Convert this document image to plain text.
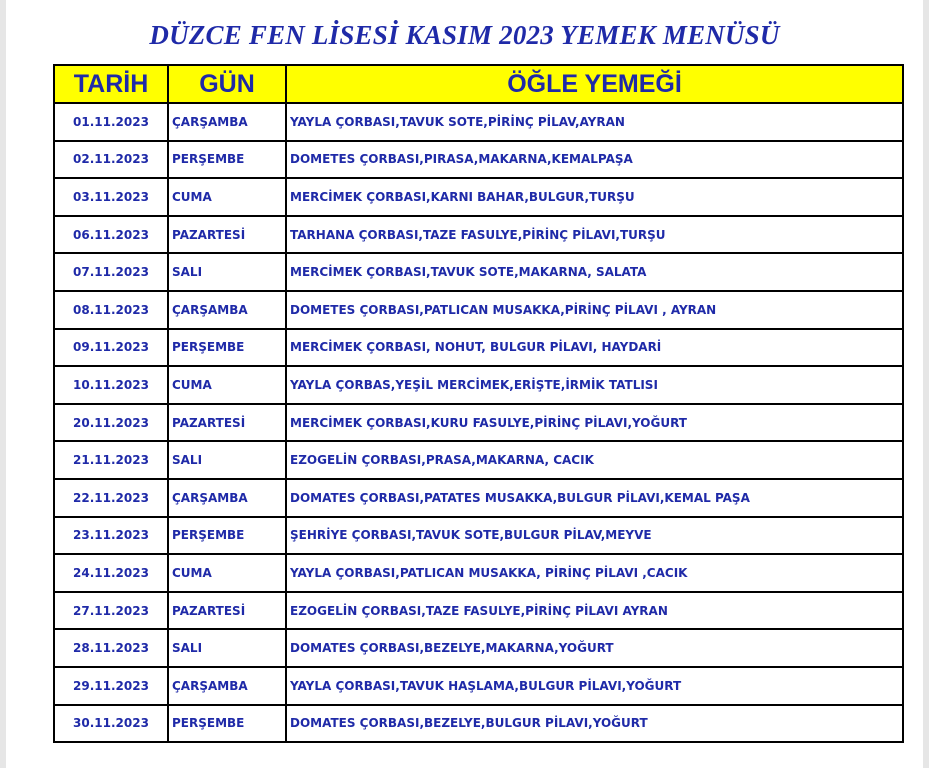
DÜZCE FEN LİSESİ KASIM 2023 YEMEK MENÜSÜ
TARİH	GÜN	ÖĞLE YEMEĞİ
01.11.2023	ÇARŞAMBA	YAYLA ÇORBASI,TAVUK SOTE,PİRİNÇ PİLAV,AYRAN
02.11.2023	PERŞEMBE	DOMETES ÇORBASI,PIRASA,MAKARNA,KEMALPAŞA
03.11.2023	CUMA	MERCİMEK ÇORBASI,KARNI BAHAR,BULGUR,TURŞU
06.11.2023	PAZARTESİ	TARHANA ÇORBASI,TAZE FASULYE,PİRİNÇ PİLAVI,TURŞU
07.11.2023	SALI	MERCİMEK ÇORBASI,TAVUK SOTE,MAKARNA, SALATA
08.11.2023	ÇARŞAMBA	DOMETES ÇORBASI,PATLICAN MUSAKKA,PİRİNÇ PİLAVI , AYRAN
09.11.2023	PERŞEMBE	MERCİMEK ÇORBASI, NOHUT, BULGUR PİLAVI, HAYDARİ
10.11.2023	CUMA	YAYLA ÇORBAS,YEŞİL MERCİMEK,ERİŞTE,İRMİK TATLISI
20.11.2023	PAZARTESİ	MERCİMEK ÇORBASI,KURU FASULYE,PİRİNÇ PİLAVI,YOĞURT
21.11.2023	SALI	EZOGELİN ÇORBASI,PRASA,MAKARNA, CACIK
22.11.2023	ÇARŞAMBA	DOMATES ÇORBASI,PATATES MUSAKKA,BULGUR PİLAVI,KEMAL PAŞA
23.11.2023	PERŞEMBE	ŞEHRİYE ÇORBASI,TAVUK SOTE,BULGUR PİLAV,MEYVE
24.11.2023	CUMA	YAYLA ÇORBASI,PATLICAN MUSAKKA, PİRİNÇ PİLAVI ,CACIK
27.11.2023	PAZARTESİ	EZOGELİN ÇORBASI,TAZE FASULYE,PİRİNÇ PİLAVI AYRAN
28.11.2023	SALI	DOMATES ÇORBASI,BEZELYE,MAKARNA,YOĞURT
29.11.2023	ÇARŞAMBA	YAYLA ÇORBASI,TAVUK HAŞLAMA,BULGUR PİLAVI,YOĞURT
30.11.2023	PERŞEMBE	DOMATES ÇORBASI,BEZELYE,BULGUR PİLAVI,YOĞURT
